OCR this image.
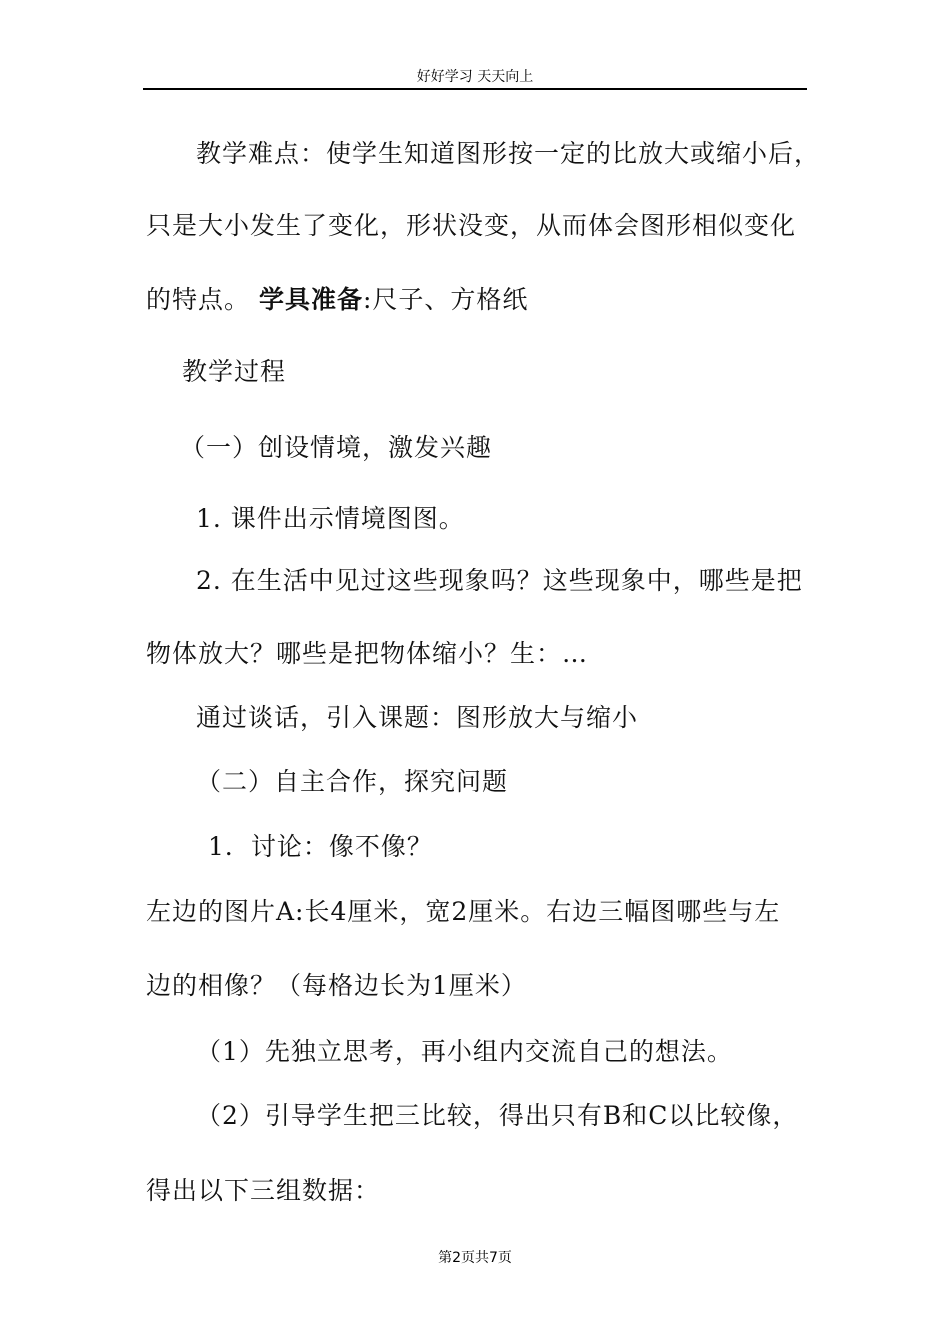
好好学习 天天向上
教学难点：使学生知道图形按一定的比放大或缩小后，
只是大小发生了变化，形状没变，从而体会图形相似变化
的特点。 学具准备:尺子、方格纸
教学过程
（一）创设情境，激发兴趣
1. 课件出示情境图图。
2. 在生活中见过这些现象吗？这些现象中，哪些是把
物体放大？哪些是把物体缩小？生：…
通过谈话，引入课题：图形放大与缩小
（二）自主合作，探究问题
1．讨论：像不像？
左边的图片A:长4厘米，宽2厘米。右边三幅图哪些与左
边的相像？（每格边长为1厘米）
（1）先独立思考，再小组内交流自己的想法。
（2）引导学生把三比较，得出只有B和C以比较像，
得出以下三组数据：
第2页共7页
